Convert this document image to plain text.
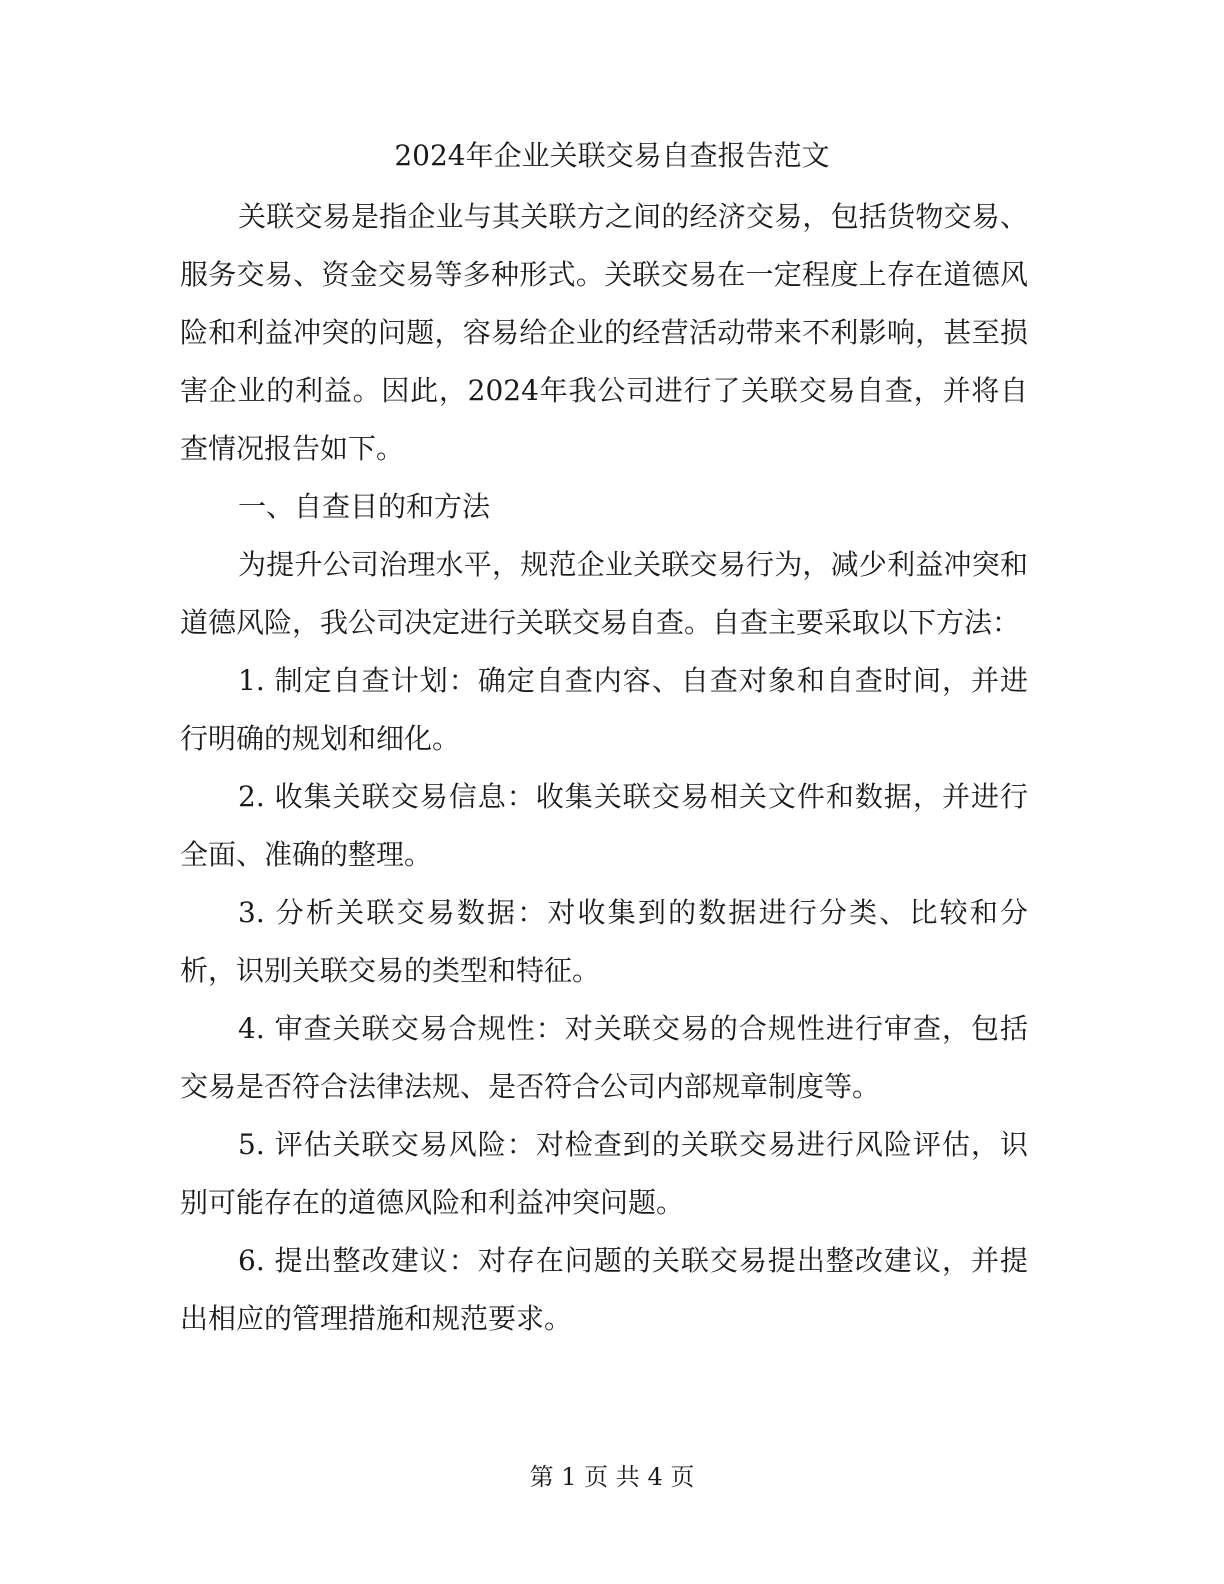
2024年企业关联交易自查报告范文

关联交易是指企业与其关联方之间的经济交易，包括货物交易、服务交易、资金交易等多种形式。关联交易在一定程度上存在道德风险和利益冲突的问题，容易给企业的经营活动带来不利影响，甚至损害企业的利益。因此，2024年我公司进行了关联交易自查，并将自查情况报告如下。

一、自查目的和方法

为提升公司治理水平，规范企业关联交易行为，减少利益冲突和道德风险，我公司决定进行关联交易自查。自查主要采取以下方法：

1. 制定自查计划：确定自查内容、自查对象和自查时间，并进行明确的规划和细化。

2. 收集关联交易信息：收集关联交易相关文件和数据，并进行全面、准确的整理。

3. 分析关联交易数据：对收集到的数据进行分类、比较和分析，识别关联交易的类型和特征。

4. 审查关联交易合规性：对关联交易的合规性进行审查，包括交易是否符合法律法规、是否符合公司内部规章制度等。

5. 评估关联交易风险：对检查到的关联交易进行风险评估，识别可能存在的道德风险和利益冲突问题。

6. 提出整改建议：对存在问题的关联交易提出整改建议，并提出相应的管理措施和规范要求。

第 1 页 共 4 页
